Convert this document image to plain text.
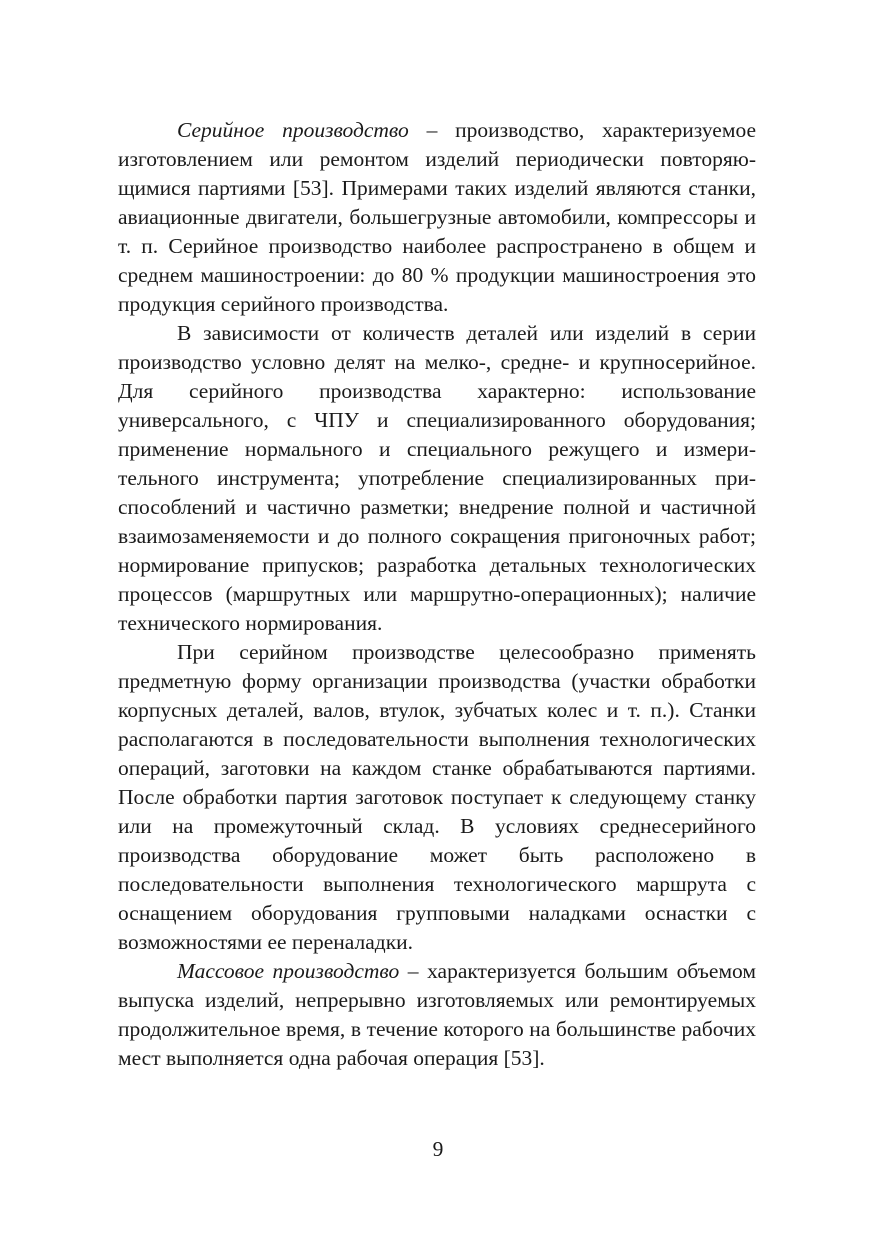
Серийное производство – производство, характеризуемое изготовлением или ремонтом изделий периодически повторяющимися партиями [53]. Примерами таких изделий являются станки, авиационные двигатели, большегрузные автомобили, компрессоры и т. п. Серийное производство наиболее распространено в общем и среднем машиностроении: до 80 % продукции машиностроения это продукция серийного производства.

В зависимости от количеств деталей или изделий в серии производство условно делят на мелко-, средне- и крупносерийное. Для серийного производства характерно: использование универсального, с ЧПУ и специализированного оборудования; применение нормального и специального режущего и измерительного инструмента; употребление специализированных приспособлений и частично разметки; внедрение полной и частичной взаимозаменяемости и до полного сокращения пригоночных работ; нормирование припусков; разработка детальных технологических процессов (маршрутных или маршрутно-операционных); наличие технического нормирования.

При серийном производстве целесообразно применять предметную форму организации производства (участки обработки корпусных деталей, валов, втулок, зубчатых колес и т. п.). Станки располагаются в последовательности выполнения технологических операций, заготовки на каждом станке обрабатываются партиями. После обработки партия заготовок поступает к следующему станку или на промежуточный склад. В условиях среднесерийного производства оборудование может быть расположено в последовательности выполнения технологического маршрута с оснащением оборудования групповыми наладками оснастки с возможностями ее переналадки.

Массовое производство – характеризуется большим объемом выпуска изделий, непрерывно изготовляемых или ремонтируемых продолжительное время, в течение которого на большинстве рабочих мест выполняется одна рабочая операция [53].

9
